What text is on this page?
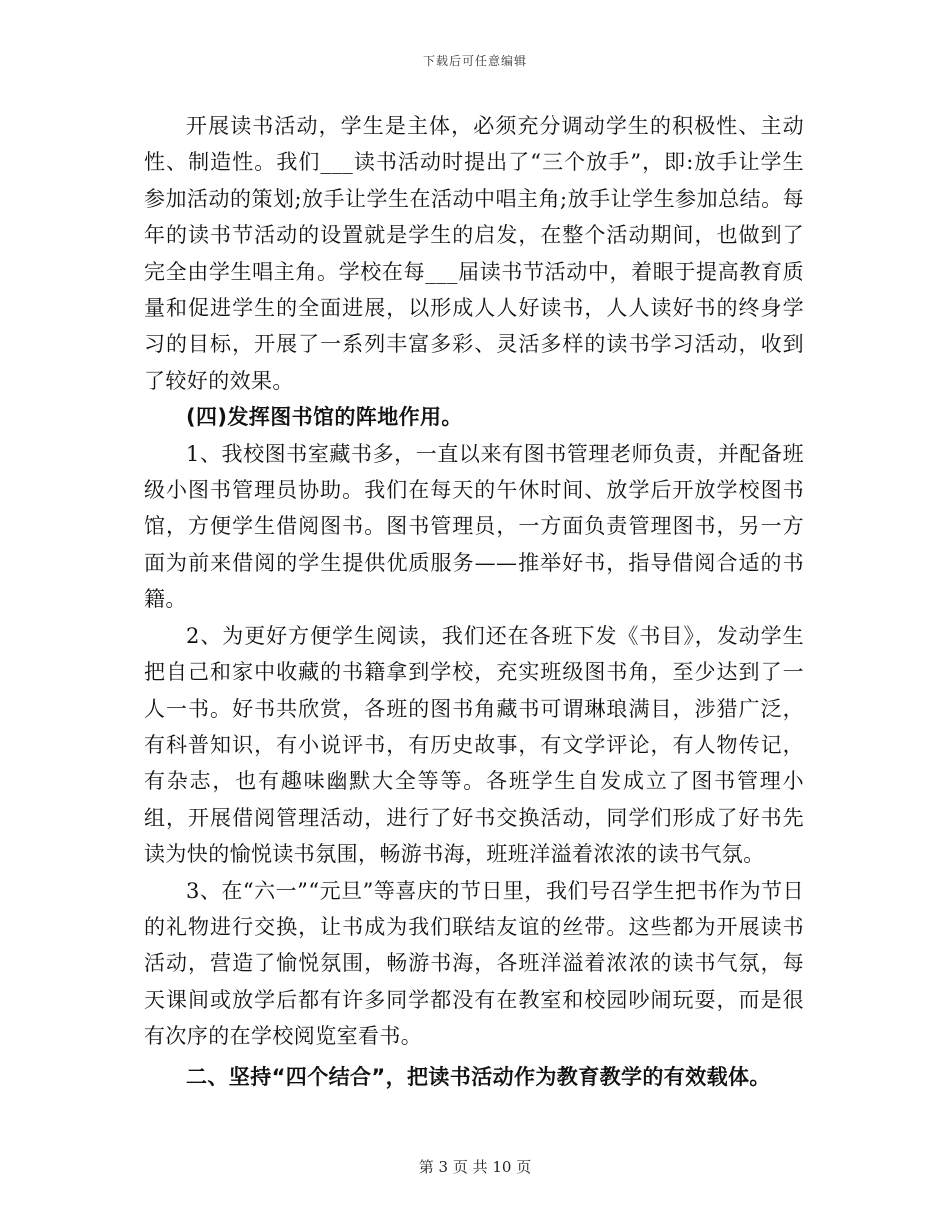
下载后可任意编辑

开展读书活动，学生是主体，必须充分调动学生的积极性、主动性、制造性。我们___读书活动时提出了“三个放手”，即:放手让学生参加活动的策划;放手让学生在活动中唱主角;放手让学生参加总结。每年的读书节活动的设置就是学生的启发，在整个活动期间，也做到了完全由学生唱主角。学校在每___届读书节活动中，着眼于提高教育质量和促进学生的全面进展，以形成人人好读书，人人读好书的终身学习的目标，开展了一系列丰富多彩、灵活多样的读书学习活动，收到了较好的效果。

(四)发挥图书馆的阵地作用。

1、我校图书室藏书多，一直以来有图书管理老师负责，并配备班级小图书管理员协助。我们在每天的午休时间、放学后开放学校图书馆，方便学生借阅图书。图书管理员，一方面负责管理图书，另一方面为前来借阅的学生提供优质服务——推举好书，指导借阅合适的书籍。

2、为更好方便学生阅读，我们还在各班下发《书目》，发动学生把自己和家中收藏的书籍拿到学校，充实班级图书角，至少达到了一人一书。好书共欣赏，各班的图书角藏书可谓琳琅满目，涉猎广泛，有科普知识，有小说评书，有历史故事，有文学评论，有人物传记，有杂志，也有趣味幽默大全等等。各班学生自发成立了图书管理小组，开展借阅管理活动，进行了好书交换活动，同学们形成了好书先读为快的愉悦读书氛围，畅游书海，班班洋溢着浓浓的读书气氛。

3、在“六一”“元旦”等喜庆的节日里，我们号召学生把书作为节日的礼物进行交换，让书成为我们联结友谊的丝带。这些都为开展读书活动，营造了愉悦氛围，畅游书海，各班洋溢着浓浓的读书气氛，每天课间或放学后都有许多同学都没有在教室和校园吵闹玩耍，而是很有次序的在学校阅览室看书。

二、坚持“四个结合”，把读书活动作为教育教学的有效载体。

第 3 页 共 10 页
